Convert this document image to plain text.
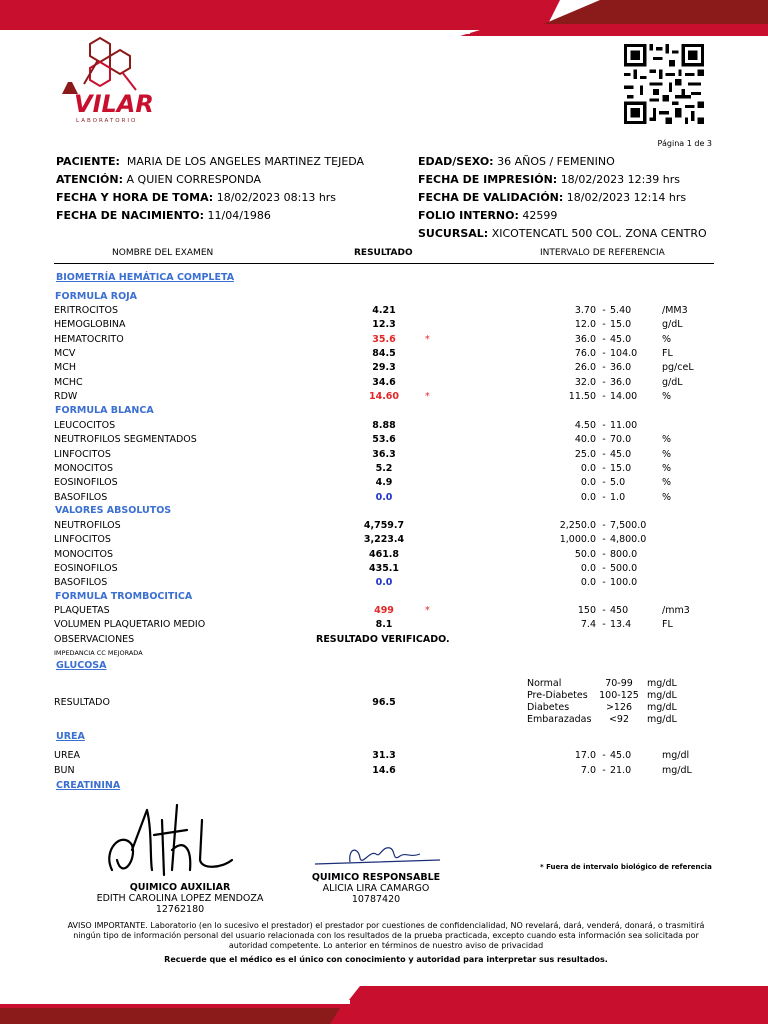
VILAR
LABORATORIO
Página 1 de 3
PACIENTE: MARIA DE LOS ANGELES MARTINEZ TEJEDA
ATENCIÓN: A QUIEN CORRESPONDA
FECHA Y HORA DE TOMA: 18/02/2023 08:13 hrs
FECHA DE NACIMIENTO: 11/04/1986
EDAD/SEXO: 36 AÑOS / FEMENINO
FECHA DE IMPRESIÓN: 18/02/2023 12:39 hrs
FECHA DE VALIDACIÓN: 18/02/2023 12:14 hrs
FOLIO INTERNO: 42599
SUCURSAL: XICOTENCATL 500 COL. ZONA CENTRO
NOMBRE DEL EXAMEN	RESULTADO	INTERVALO DE REFERENCIA
BIOMETRÍA HEMÁTICA COMPLETA
FORMULA ROJA
ERITROCITOS	4.21	3.70 - 5.40	/MM3
HEMOGLOBINA	12.3	12.0 - 15.0	g/dL
HEMATOCRITO	35.6	*	36.0 - 45.0	%
MCV	84.5	76.0 - 104.0	FL
MCH	29.3	26.0 - 36.0	pg/ceL
MCHC	34.6	32.0 - 36.0	g/dL
RDW	14.60	*	11.50 - 14.00	%
FORMULA BLANCA
LEUCOCITOS	8.88	4.50 - 11.00
NEUTROFILOS SEGMENTADOS	53.6	40.0 - 70.0	%
LINFOCITOS	36.3	25.0 - 45.0	%
MONOCITOS	5.2	0.0 - 15.0	%
EOSINOFILOS	4.9	0.0 - 5.0	%
BASOFILOS	0.0	0.0 - 1.0	%
VALORES ABSOLUTOS
NEUTROFILOS	4,759.7	2,250.0 - 7,500.0
LINFOCITOS	3,223.4	1,000.0 - 4,800.0
MONOCITOS	461.8	50.0 - 800.0
EOSINOFILOS	435.1	0.0 - 500.0
BASOFILOS	0.0	0.0 - 100.0
FORMULA TROMBOCITICA
PLAQUETAS	499	*	150 - 450	/mm3
VOLUMEN PLAQUETARIO MEDIO	8.1	7.4 - 13.4	FL
OBSERVACIONES	RESULTADO VERIFICADO.
IMPEDANCIA CC MEJORADA
GLUCOSA
Normal	70-99 mg/dL
Pre-Diabetes 100-125 mg/dL
Diabetes	>126 mg/dL
Embarazadas <92 mg/dL
RESULTADO	96.5
UREA
UREA	31.3	17.0 - 45.0	mg/dl
BUN	14.6	7.0 - 21.0	mg/dL
CREATININA
QUIMICO AUXILIAR
EDITH CAROLINA LOPEZ MENDOZA
12762180
QUIMICO RESPONSABLE
ALICIA LIRA CAMARGO
10787420
* Fuera de intervalo biológico de referencia
AVISO IMPORTANTE. Laboratorio (en lo sucesivo el prestador) el prestador por cuestiones de confidencialidad, NO revelará, dará, venderá, donará, o trasmitirá ningún tipo de información personal del usuario relacionada con los resultados de la prueba practicada, excepto cuando esta información sea solicitada por autoridad competente. Lo anterior en términos de nuestro aviso de privacidad
Recuerde que el médico es el único con conocimiento y autoridad para interpretar sus resultados.
